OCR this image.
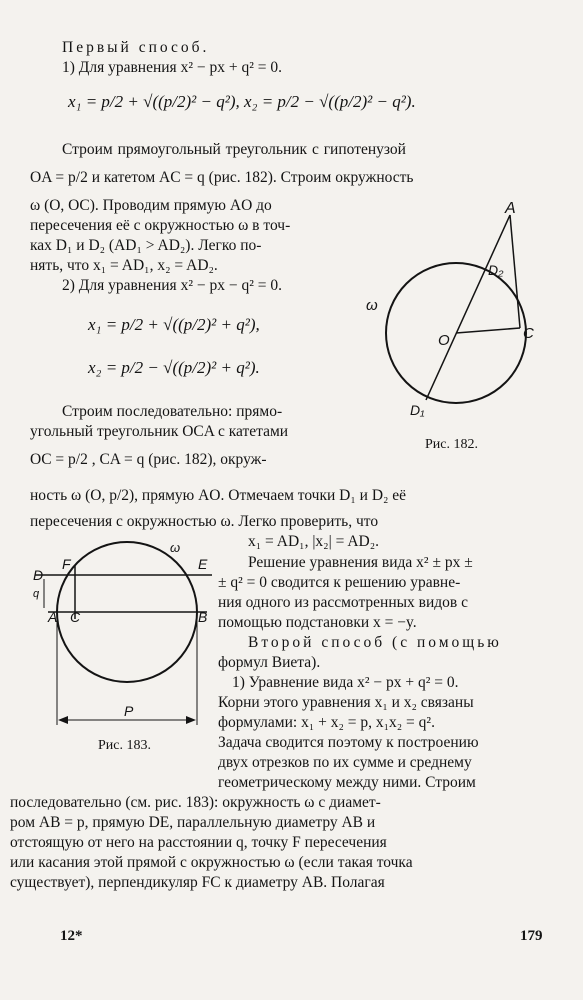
Первый способ.
1) Для уравнения x² − px + q² = 0.
x₁ = p/2 + √((p/2)² − q²), x₂ = p/2 − √((p/2)² − q²).
Строим прямоугольный треугольник с гипотенузой
OA = p/2 и катетом AC = q (рис. 182). Строим окружность
ω (O, OC). Проводим прямую AO до
пересечения её с окружностью ω в точ-
ках D₁ и D₂ (AD₁ > AD₂). Легко по-
нять, что x₁ = AD₁, x₂ = AD₂.
2) Для уравнения x² − px − q² = 0.
x₁ = p/2 + √((p/2)² + q²),
x₂ = p/2 − √((p/2)² + q²).
Строим последовательно: прямо-
угольный треугольник OCA с катетами
OC = p/2 , CA = q (рис. 182), окруж-
ность ω (O, p/2), прямую AO. Отмечаем точки D₁ и D₂ её
пересечения с окружностью ω. Легко проверить, что
x₁ = AD₁, |x₂| = AD₂.
Решение уравнения вида x² ± px ±
± q² = 0 сводится к решению уравне-
ния одного из рассмотренных видов с
помощью подстановки x = −y.
Второй способ (с помощью
формул Виета).
1) Уравнение вида x² − px + q² = 0.
Корни этого уравнения x₁ и x₂ связаны
формулами: x₁ + x₂ = p, x₁x₂ = q².
Задача сводится поэтому к построению
двух отрезков по их сумме и среднему
геометрическому между ними. Строим
последовательно (см. рис. 183): окружность ω с диамет-
ром AB = p, прямую DE, параллельную диаметру AB и
отстоящую от него на расстоянии q, точку F пересечения
или касания этой прямой с окружностью ω (если такая точка
существует), перпендикуляр FC к диаметру AB. Полагая
A
D₂
O	C
ω
D₁
Рис. 182.
D
F
ω
E
q
A C	B
P
Рис. 183.
12*	179
